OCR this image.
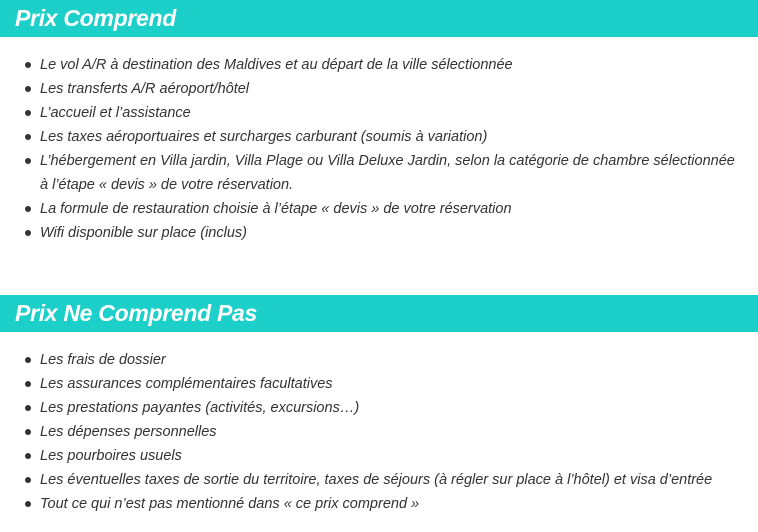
Prix Comprend
Le vol A/R à destination des Maldives et au départ de la ville sélectionnée
Les transferts A/R aéroport/hôtel
L’accueil et l’assistance
Les taxes aéroportuaires et surcharges carburant (soumis à variation)
L’hébergement en Villa jardin, Villa Plage ou Villa Deluxe Jardin, selon la catégorie de chambre sélectionnée à l’étape « devis » de votre réservation.
La formule de restauration choisie à l’étape « devis » de votre réservation
Wifi disponible sur place (inclus)
Prix Ne Comprend Pas
Les frais de dossier
Les assurances complémentaires facultatives
Les prestations payantes (activités, excursions…)
Les dépenses personnelles
Les pourboires usuels
Les éventuelles taxes de sortie du territoire, taxes de séjours (à régler sur place à l’hôtel) et visa d’entrée
Tout ce qui n’est pas mentionné dans « ce prix comprend »
